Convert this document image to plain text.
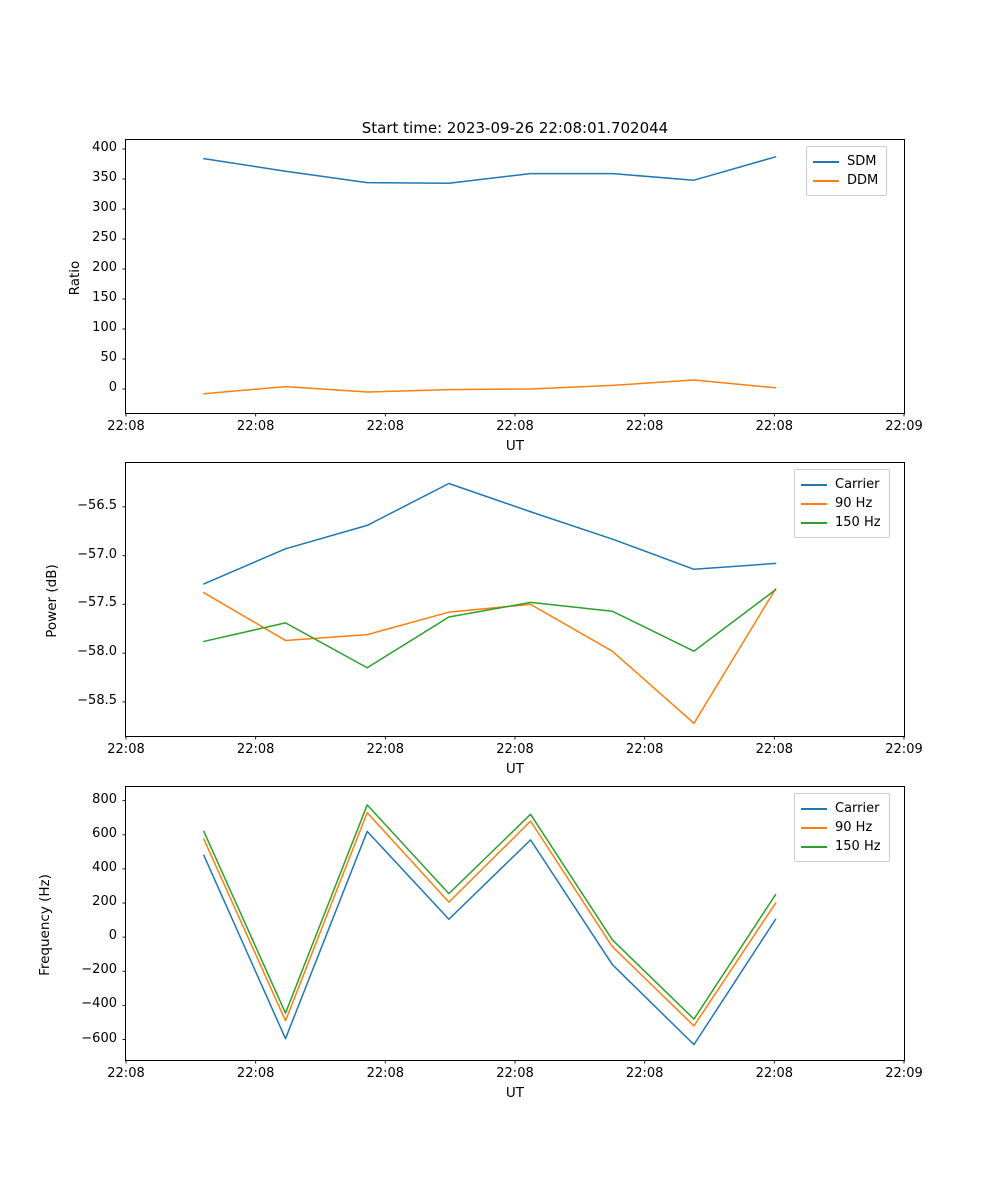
Start time: 2023-09-26 22:08:01.702044
22:08	22:08	22:08	22:08	22:08	22:08	22:09
0
50
100
150
200
250
300
350
400
UT
Ratio
SDM
DDM
22:08	22:08	22:08	22:08	22:08	22:08	22:09
−58.5
−58.0
−57.5
−57.0
−56.5
UT
Power (dB)
Carrier
90 Hz
150 Hz
22:08	22:08	22:08	22:08	22:08	22:08	22:09
−600
−400
−200
0
200
400
600
800
UT
Frequency (Hz)
Carrier
90 Hz
150 Hz
